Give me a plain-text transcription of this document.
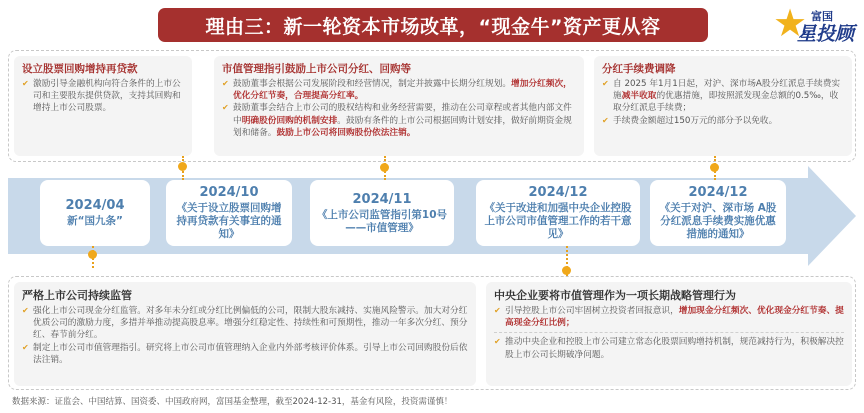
理由三：新一轮资本市场改革，“现金牛”资产更从容	★ 富国
星投顾
设立股票回购增持再贷款
✔ 激励引导金融机构向符合条件的上市公司和主要股东提供贷款，支持其回购和增持上市公司股票。
市值管理指引鼓励上市公司分红、回购等
✔ 鼓励董事会根据公司发展阶段和经营情况，制定并披露中长期分红规划。增加分红频次，优化分红节奏，合理提高分红率。
✔ 鼓励董事会结合上市公司的股权结构和业务经营需要，推动在公司章程或者其他内部文件中明确股份回购的机制安排。鼓励有条件的上市公司根据回购计划安排，做好前期资金规划和储备。鼓励上市公司将回购股份依法注销。
分红手续费调降
✔ 自 2025 年1月1日起，对沪、深市场A股分红派息手续费实施减半收取的优惠措施，即按照派发现金总额的0.5‰，收取分红派息手续费；
✔ 手续费金额超过150万元的部分予以免收。
2024/04
新“国九条”
2024/10
《关于设立股票回购增持再贷款有关事宜的通知》
2024/11
《上市公司监管指引第10号——市值管理》
2024/12
《关于改进和加强中央企业控股上市公司市值管理工作的若干意见》
2024/12
《关于对沪、深市场 A股分红派息手续费实施优惠措施的通知》
严格上市公司持续监管
✔ 强化上市公司现金分红监管。对多年未分红或分红比例偏低的公司，限制大股东减持、实施风险警示。加大对分红优质公司的激励力度，多措并举推动提高股息率。增强分红稳定性、持续性和可预期性，推动一年多次分红、预分红、春节前分红。
✔ 制定上市公司市值管理指引。研究将上市公司市值管理纳入企业内外部考核评价体系。引导上市公司回购股份后依法注销。
中央企业要将市值管理作为一项长期战略管理行为
✔ 引导控股上市公司牢固树立投资者回报意识，增加现金分红频次、优化现金分红节奏、提高现金分红比例；
✔ 推动中央企业和控股上市公司建立常态化股票回购增持机制，规范减持行为，积极解决控股上市公司长期破净问题。
数据来源：证监会、中国结算、国资委、中国政府网，富国基金整理，截至2024-12-31，基金有风险，投资需谨慎！
